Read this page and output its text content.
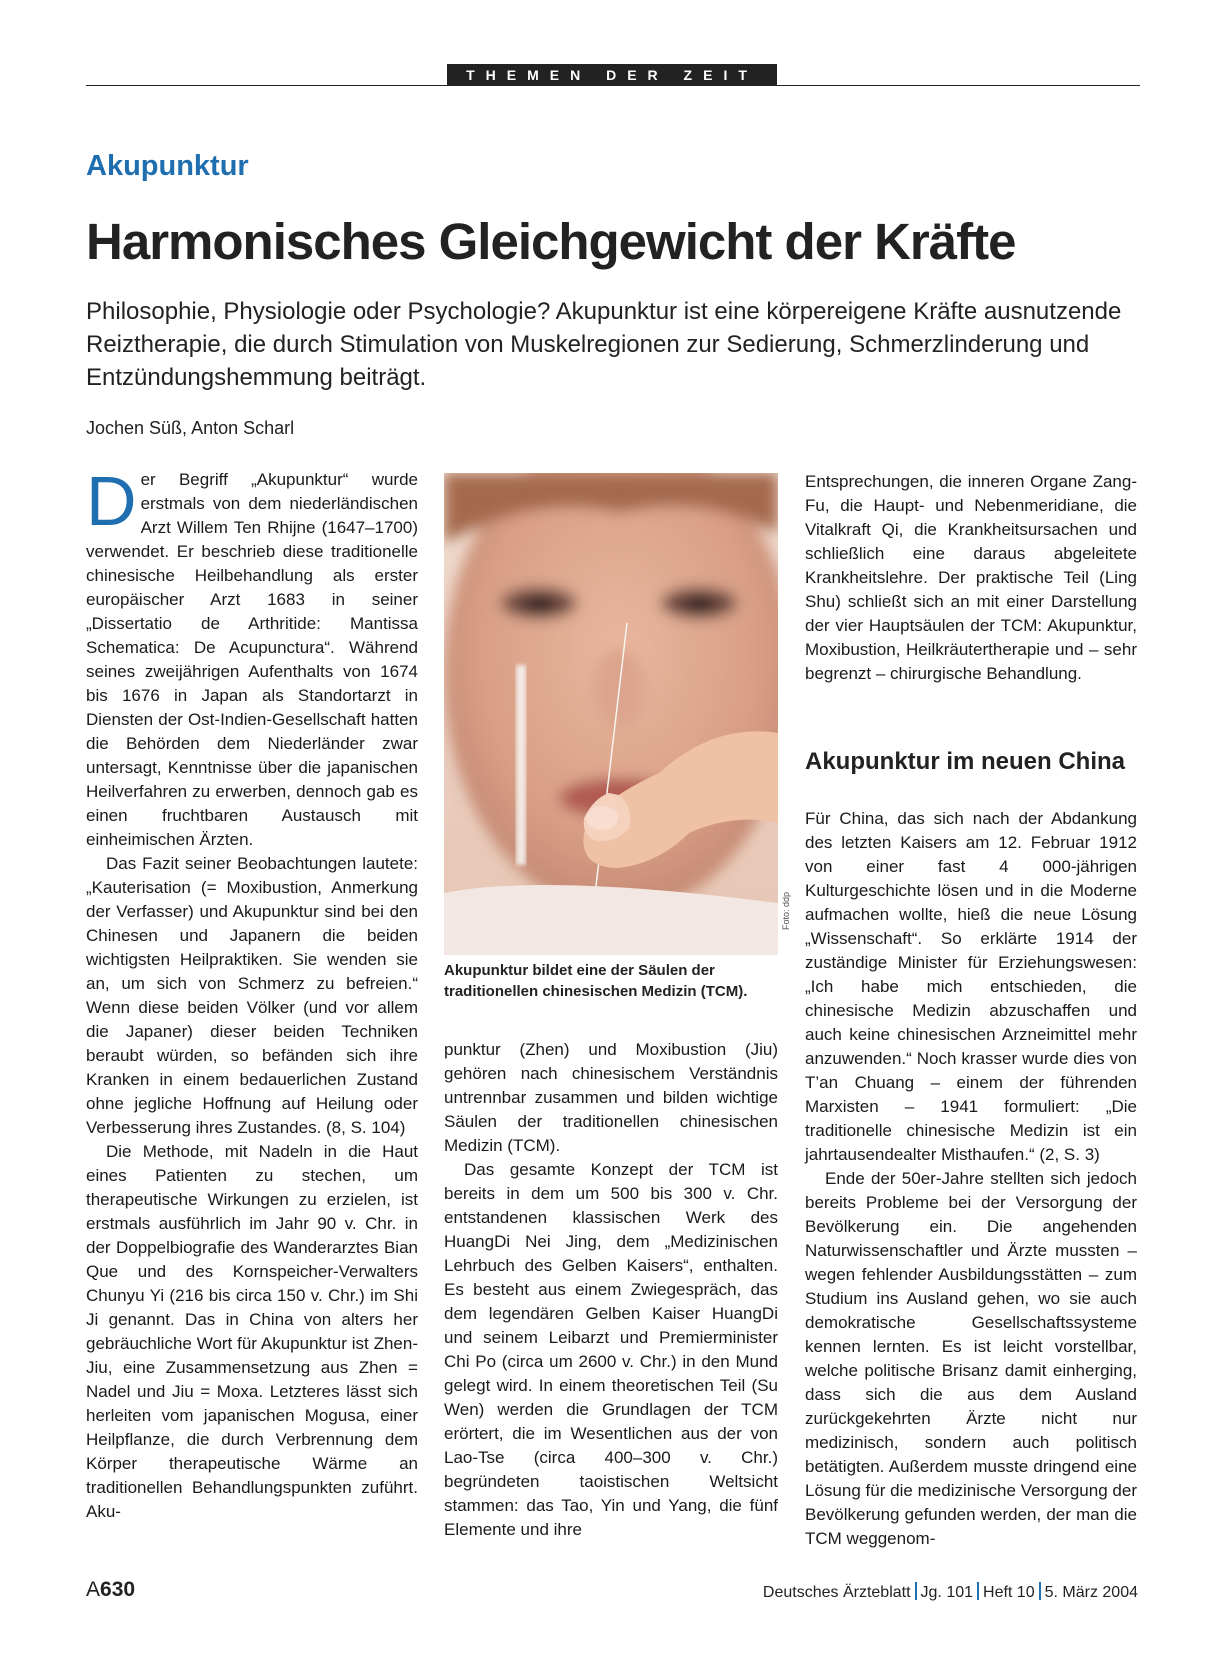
THEMEN DER ZEIT
Akupunktur
Harmonisches Gleichgewicht der Kräfte
Philosophie, Physiologie oder Psychologie? Akupunktur ist eine körpereigene Kräfte ausnutzende Reiztherapie, die durch Stimulation von Muskelregionen zur Sedierung, Schmerzlinderung und Entzündungshemmung beiträgt.
Jochen Süß, Anton Scharl

Der Begriff „Akupunktur“ wurde erstmals von dem niederländischen Arzt Willem Ten Rhijne (1647–1700) verwendet. Er beschrieb diese traditionelle chinesische Heilbehandlung als erster europäischer Arzt 1683 in seiner „Dissertatio de Arthritide: Mantissa Schematica: De Acupunctura“. Während seines zweijährigen Aufenthalts von 1674 bis 1676 in Japan als Standortarzt in Diensten der Ost-Indien-Gesellschaft hatten die Behörden dem Niederländer zwar untersagt, Kenntnisse über die japanischen Heilverfahren zu erwerben, dennoch gab es einen fruchtbaren Austausch mit einheimischen Ärzten.

Das Fazit seiner Beobachtungen lautete: „Kauterisation (= Moxibustion, Anmerkung der Verfasser) und Akupunktur sind bei den Chinesen und Japanern die beiden wichtigsten Heilpraktiken. Sie wenden sie an, um sich von Schmerz zu befreien.“ Wenn diese beiden Völker (und vor allem die Japaner) dieser beiden Techniken beraubt würden, so befänden sich ihre Kranken in einem bedauerlichen Zustand ohne jegliche Hoffnung auf Heilung oder Verbesserung ihres Zustandes. (8, S. 104)

Die Methode, mit Nadeln in die Haut eines Patienten zu stechen, um therapeutische Wirkungen zu erzielen, ist erstmals ausführlich im Jahr 90 v. Chr. in der Doppelbiografie des Wanderarztes Bian Que und des Kornspeicher-Verwalters Chunyu Yi (216 bis circa 150 v. Chr.) im Shi Ji genannt. Das in China von alters her gebräuchliche Wort für Akupunktur ist Zhen-Jiu, eine Zusammensetzung aus Zhen = Nadel und Jiu = Moxa. Letzteres lässt sich herleiten vom japanischen Mogusa, einer Heilpflanze, die durch Verbrennung dem Körper therapeutische Wärme an traditionellen Behandlungspunkten zuführt. Aku-

Foto: ddp
Akupunktur bildet eine der Säulen der traditionellen chinesischen Medizin (TCM).

punktur (Zhen) und Moxibustion (Jiu) gehören nach chinesischem Verständnis untrennbar zusammen und bilden wichtige Säulen der traditionellen chinesischen Medizin (TCM).

Das gesamte Konzept der TCM ist bereits in dem um 500 bis 300 v. Chr. entstandenen klassischen Werk des HuangDi Nei Jing, dem „Medizinischen Lehrbuch des Gelben Kaisers“, enthalten. Es besteht aus einem Zwiegespräch, das dem legendären Gelben Kaiser HuangDi und seinem Leibarzt und Premierminister Chi Po (circa um 2600 v. Chr.) in den Mund gelegt wird. In einem theoretischen Teil (Su Wen) werden die Grundlagen der TCM erörtert, die im Wesentlichen aus der von Lao-Tse (circa 400–300 v. Chr.) begründeten taoistischen Weltsicht stammen: das Tao, Yin und Yang, die fünf Elemente und ihre

Entsprechungen, die inneren Organe Zang-Fu, die Haupt- und Nebenmeridiane, die Vitalkraft Qi, die Krankheitsursachen und schließlich eine daraus abgeleitete Krankheitslehre. Der praktische Teil (Ling Shu) schließt sich an mit einer Darstellung der vier Hauptsäulen der TCM: Akupunktur, Moxibustion, Heilkräutertherapie und – sehr begrenzt – chirurgische Behandlung.

Akupunktur im neuen China

Für China, das sich nach der Abdankung des letzten Kaisers am 12. Februar 1912 von einer fast 4 000-jährigen Kulturgeschichte lösen und in die Moderne aufmachen wollte, hieß die neue Lösung „Wissenschaft“. So erklärte 1914 der zuständige Minister für Erziehungswesen: „Ich habe mich entschieden, die chinesische Medizin abzuschaffen und auch keine chinesischen Arzneimittel mehr anzuwenden.“ Noch krasser wurde dies von T’an Chuang – einem der führenden Marxisten – 1941 formuliert: „Die traditionelle chinesische Medizin ist ein jahrtausendealter Misthaufen.“ (2, S. 3)

Ende der 50er-Jahre stellten sich jedoch bereits Probleme bei der Versorgung der Bevölkerung ein. Die angehenden Naturwissenschaftler und Ärzte mussten – wegen fehlender Ausbildungsstätten – zum Studium ins Ausland gehen, wo sie auch demokratische Gesellschaftssysteme kennen lernten. Es ist leicht vorstellbar, welche politische Brisanz damit einherging, dass sich die aus dem Ausland zurückgekehrten Ärzte nicht nur medizinisch, sondern auch politisch betätigten. Außerdem musste dringend eine Lösung für die medizinische Versorgung der Bevölkerung gefunden werden, der man die TCM weggenom-

A630	Deutsches Ärzteblatt Jg. 101 Heft 10 5. März 2004
